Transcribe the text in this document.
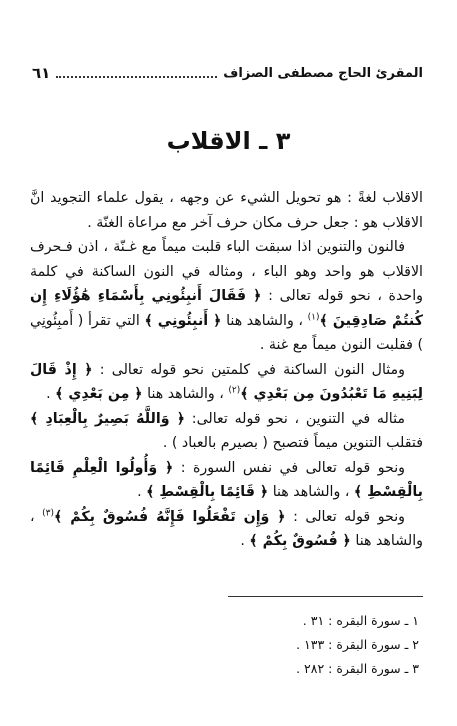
المقرئ الحاج مصطفى الصزاف
٦١
٣ ـ الاقلاب

الاقلاب لغةً : هو تحويل الشيء عن وجهه ، يقول علماء التجويد انَّ الاقلاب هو : جعل حرف مكان حرف آخر مع مراعاة الغنّة .

فالنون والتنوين اذا سبقت الباء قلبت ميماً مع غـنّة ، اذن فـحرف الاقلاب هو واحد وهو الباء ، ومثاله في النون الساكنة في كلمة واحدة ، نحو قوله تعالى : ﴿ فَقَالَ أَنبِئُونِي بِأَسْمَاءِ هَٰؤُلَاءِ إِن كُنتُمْ صَادِقِينَ ﴾$^{(١)}$ ، والشاهد هنا ﴿ أَنبِئُونِي ﴾ التي تقرأ ( أَمبِئُونِي ) فقلبت النون ميماً مع غنة .

ومثال النون الساكنة في كلمتين نحو قوله تعالى : ﴿ إِذْ قَالَ لِبَنِيهِ مَا تَعْبُدُونَ مِن بَعْدِي ﴾$^{(٢)}$ ، والشاهد هنا ﴿ مِن بَعْدِي ﴾ .

مثاله في التنوين ، نحو قوله تعالى: ﴿ وَاللَّهُ بَصِيرٌ بِالْعِبَادِ ﴾ فتقلب التنوين ميماً فتصبح ( بصيرم بالعباد ) .

ونحو قوله تعالى في نفس السورة : ﴿ وَأُولُوا الْعِلْمِ قَائِمًا بِالْقِسْطِ ﴾ ، والشاهد هنا ﴿ قَائِمًا بِالْقِسْطِ ﴾ .

ونحو قوله تعالى : ﴿ وَإِن تَفْعَلُوا فَإِنَّهُ فُسُوقٌ بِكُمْ ﴾$^{(٣)}$ ، والشاهد هنا ﴿ فُسُوقٌ بِكُمْ ﴾ .

١ ـ سورة البقره : ٣١ .
٢ ـ سورة البقرة : ١٣٣ .
٣ ـ سورة البقرة : ٢٨٢ .
